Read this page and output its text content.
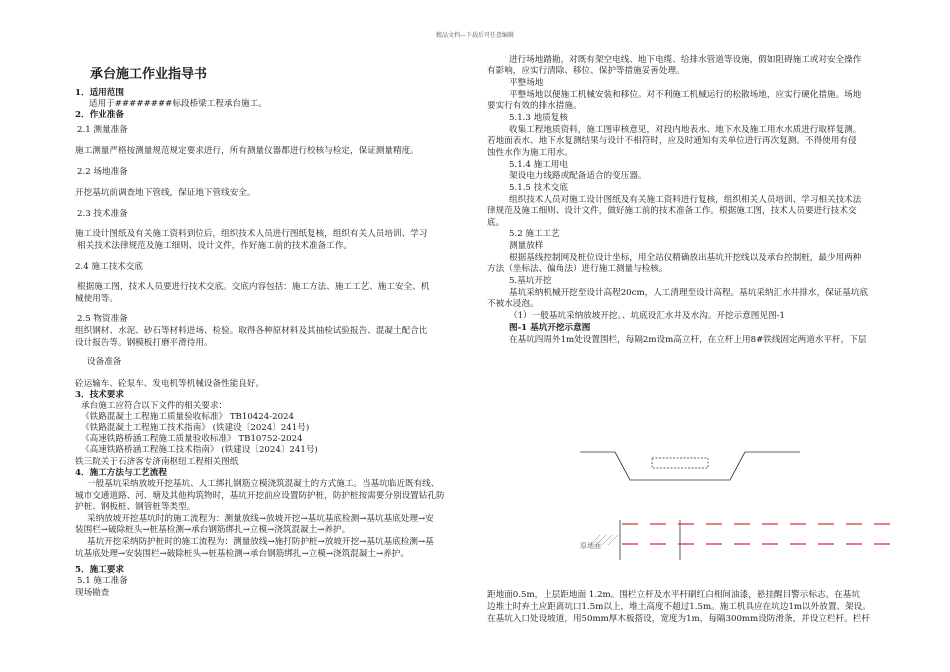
精品文档---下载后可任意编辑
承台施工作业指导书
1．适用范围
适用于########标段桥梁工程承台施工。
2．作业准备
2.1 测量准备
施工测量严格按测量规范规定要求进行，所有测量仪器都进行校核与检定，保证测量精度。
2.2 场地准备
开挖基坑前调查地下管线，保证地下管线安全。
2.3 技术准备
施工设计图纸及有关施工资料到位后，组织技术人员进行图纸复核，组织有关人员培训、学习
相关技术法律规范及施工细则、设计文件，作好施工前的技术准备工作。
2.4 施工技术交底
根据施工图，技术人员要进行技术交底。交底内容包括：施工方法、施工工艺、施工安全、机
械使用等。
2.5 物资准备
组织钢材、水泥、砂石等材料进场、检验。取得各种原材料及其抽检试验报告、混凝土配合比
设计报告等。钢模板打磨平滑待用。
设备准备
砼运输车、砼泵车、发电机等机械设备性能良好。
3．技术要求
承台施工应符合以下文件的相关要求：
《铁路混凝土工程施工质量验收标准》 TB10424-2024
《铁路混凝土工程施工技术指南》 (铁建设〔2024〕241号)
《高速铁路桥涵工程施工质量验收标准》 TB10752-2024
《高速铁路桥涵工程施工技术指南》 (铁建设〔2024〕241号)
铁三院关于石济客专济南枢纽工程相关图纸
4．施工方法与工艺流程
一般基坑采纳放坡开挖基坑、人工绑扎钢筋立模浇筑混凝土的方式施工。当基坑临近既有线、
城市交通道路、河、塘及其他构筑物时，基坑开挖前应设置防护桩，防护桩按需要分别设置钻孔防
护桩、钢板桩、钢管桩等类型。
采纳放坡开挖基坑时的施工流程为：测量放线→放坡开挖→基坑基底检测→基坑基底处理→安
装围栏→破除桩头→桩基检测→承台钢筋绑扎→立模→浇筑混凝土→养护。
基坑开挖采纳防护桩时的施工流程为：测量放线→施打防护桩→放坡开挖→基坑基底检测→基
坑基底处理→安装围栏→破除桩头→桩基检测→承台钢筋绑扎→立模→浇筑混凝土→养护。
5．施工要求
5.1 施工准备
现场勘查
进行场地踏勘，对既有架空电线、地下电缆、给排水管道等设施，假如阻碍施工或对安全操作
有影响，应实行清除、移位、保护等措施妥善处理。
平整场地
平整场地以便施工机械安装和移位。对不利施工机械运行的松散场地，应实行硬化措施。场地
要实行有效的排水措施。
5.1.3 地质复核
收集工程地质资料，施工图审核意见，对段内地表水、地下水及施工用水水质进行取样复测。
若地面表水、地下水复测结果与设计不相符时，应及时通知有关单位进行再次复测。不得使用有侵
蚀性水作为施工用水。
5.1.4 施工用电
架设电力线路或配备适合的变压器。
5.1.5 技术交底
组织技术人员对施工设计图纸及有关施工资料进行复核，组织相关人员培训、学习相关技术法
律规范及施工细则、设计文件，做好施工前的技术准备工作。根据施工图，技术人员要进行技术交
底。
5.2 施工工艺
测量放样
根据基线控制网及桩位设计坐标，用全站仪精确放出基坑开挖线以及承台控制桩，最少用两种
方法（坐标法、偏角法）进行施工测量与检核。
5.基坑开挖
基坑采纳机械开挖至设计高程20cm，人工清理至设计高程。基坑采纳汇水井排水，保证基坑底
不被水浸泡。
（1）一般基坑采纳放坡开挖。、坑底设汇水井及水沟。开挖示意图见图-1
图-1 基坑开挖示意图
在基坑四周外1m处设置围栏，每隔2m设m高立杆，在立杆上用8#铁线固定两道水平杆，下层
距地面0.5m，上层距地面 1.2m。围栏立杆及水平杆刷红白相间油漆，悬挂醒目警示标志。在基坑
边堆土时弃土应距离坑口1.5m以上，堆土高度不超过1.5m。施工机具应在坑边1m以外放置、架设。
在基坑入口处设坡道，用50mm厚木板搭设，宽度为1m，每隔300mm设防滑条，并设立栏杆。栏杆
原地面
